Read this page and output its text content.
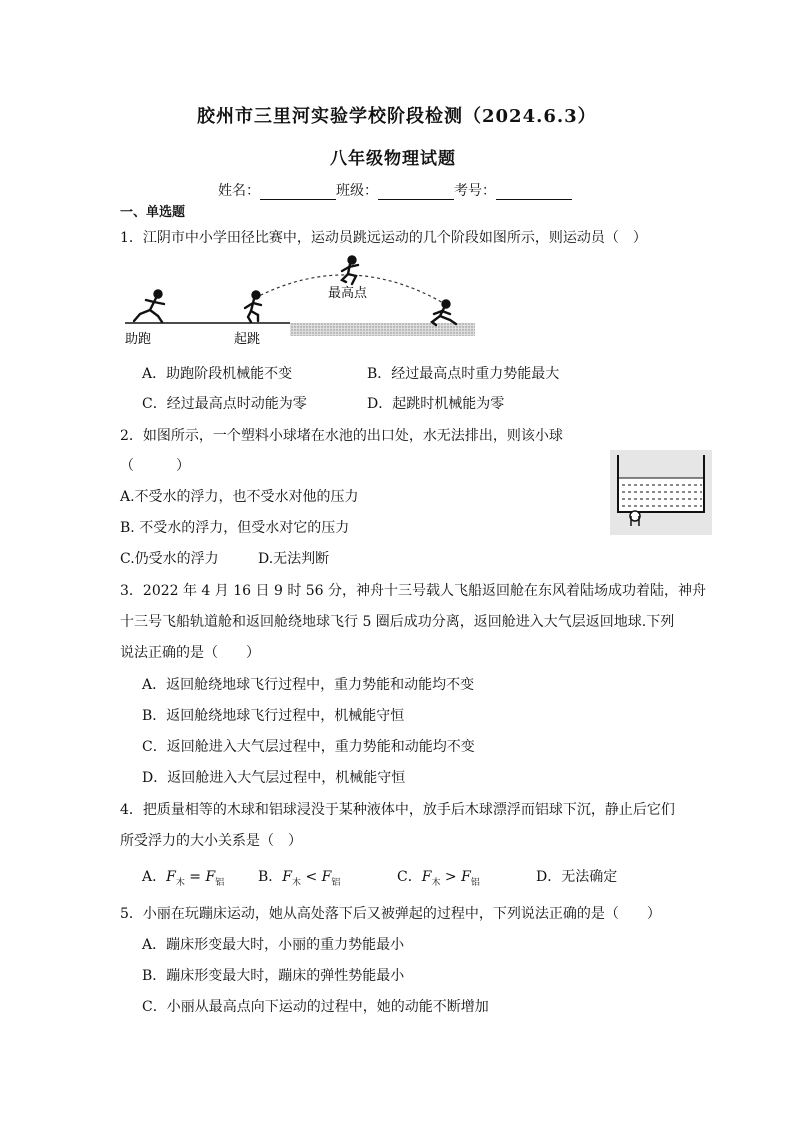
胶州市三里河实验学校阶段检测（2024.6.3）
八年级物理试题
姓名：	班级：	考号：
一、单选题
1．江阴市中小学田径比赛中，运动员跳远运动的几个阶段如图所示，则运动员（　）
最高点
助跑	起跳
A．助跑阶段机械能不变	B．经过最高点时重力势能最大
C．经过最高点时动能为零	D．起跳时机械能为零
2．如图所示，一个塑料小球堵在水池的出口处，水无法排出，则该小球
（　　　）
A.不受水的浮力，也不受水对他的压力
B. 不受水的浮力，但受水对它的压力
C.仍受水的浮力	D.无法判断
3．2022 年 4 月 16 日 9 时 56 分，神舟十三号载人飞船返回舱在东风着陆场成功着陆，神舟
十三号飞船轨道舱和返回舱绕地球飞行 5 圈后成功分离，返回舱进入大气层返回地球.下列
说法正确的是（　　）
A．返回舱绕地球飞行过程中，重力势能和动能均不变
B．返回舱绕地球飞行过程中，机械能守恒
C．返回舱进入大气层过程中，重力势能和动能均不变
D．返回舱进入大气层过程中，机械能守恒
4．把质量相等的木球和铝球浸没于某种液体中，放手后木球漂浮而铝球下沉，静止后它们
所受浮力的大小关系是（　）
A．$F_木 = F_铝$ B．$F_木 < F_铝$	C．$F_木 > F_铝$	D．无法确定
5．小丽在玩蹦床运动，她从高处落下后又被弹起的过程中，下列说法正确的是（　　）
A．蹦床形变最大时，小丽的重力势能最小
B．蹦床形变最大时，蹦床的弹性势能最小
C．小丽从最高点向下运动的过程中，她的动能不断增加
